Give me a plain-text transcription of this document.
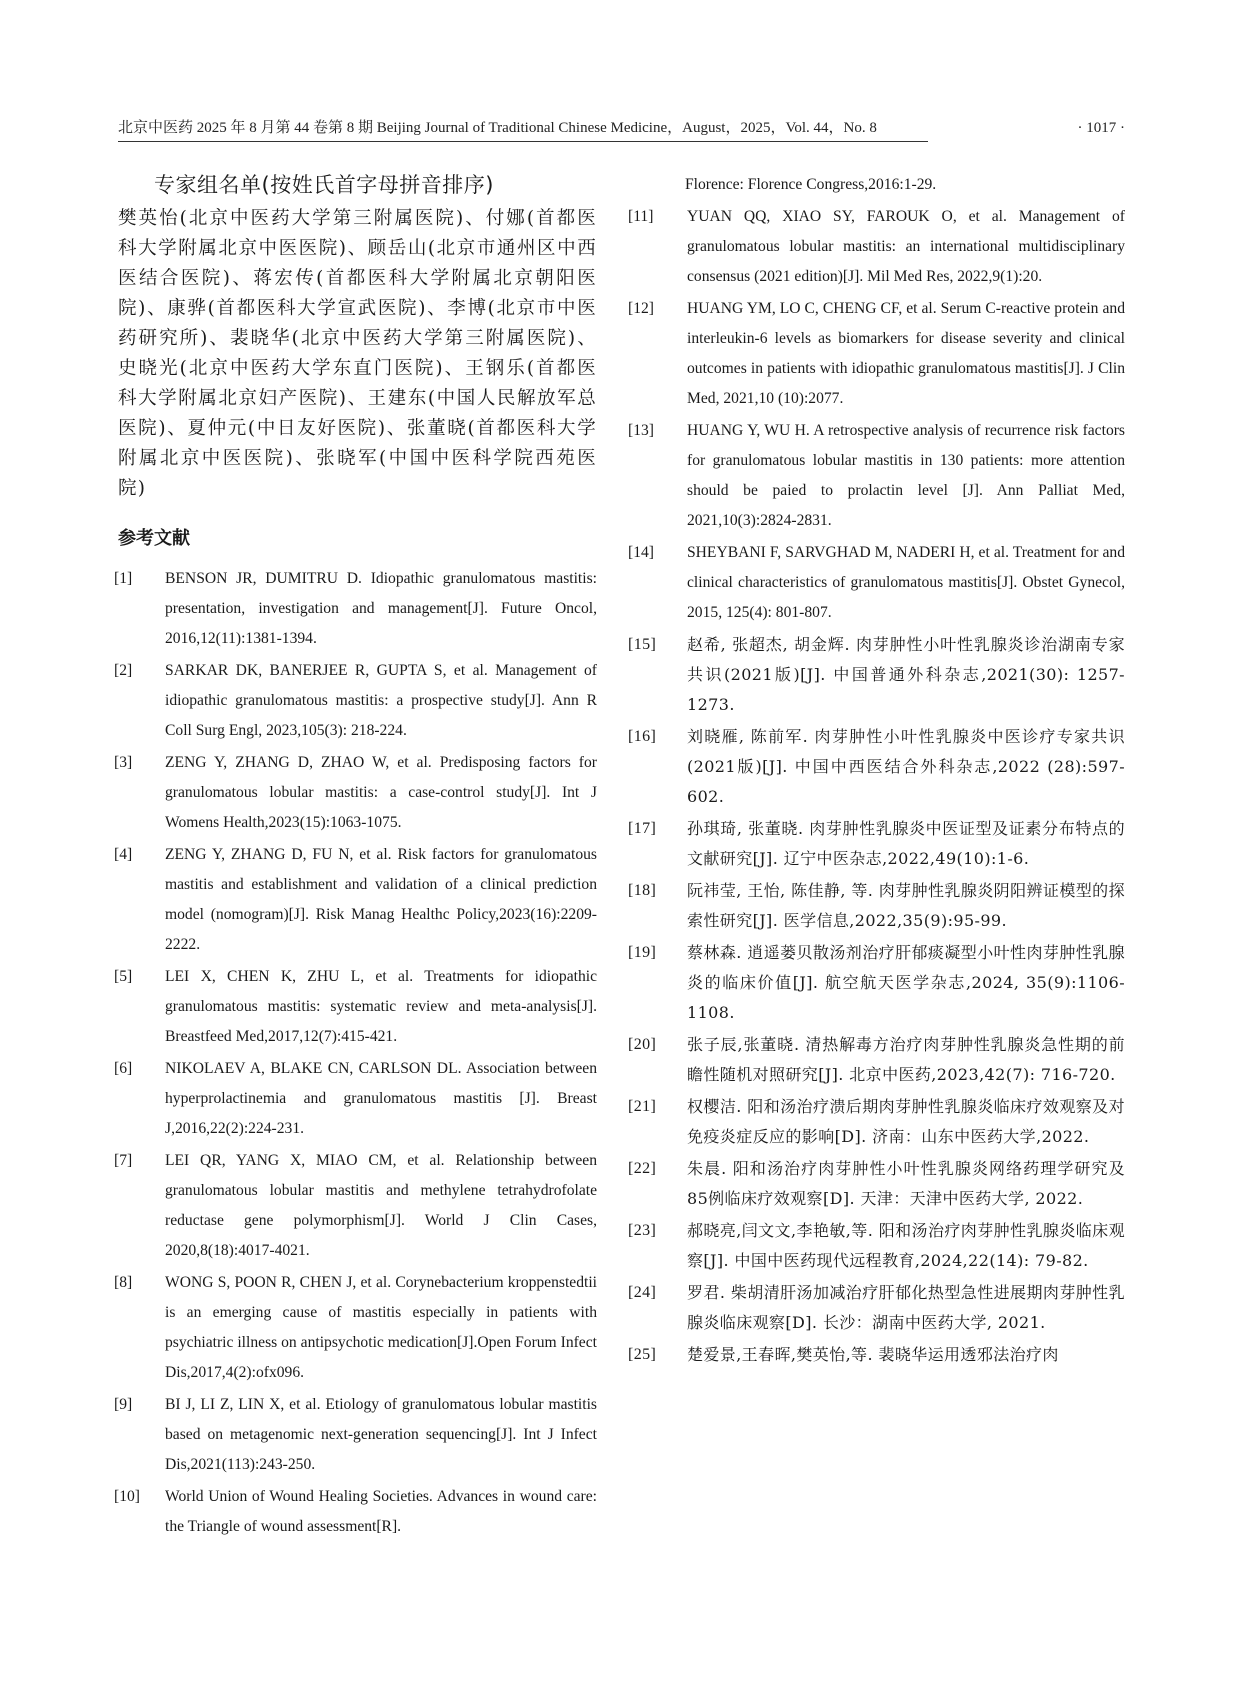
北京中医药 2025 年 8 月第 44 卷第 8 期 Beijing Journal of Traditional Chinese Medicine，August，2025，Vol. 44，No. 8	· 1017 ·
专家组名单(按姓氏首字母拼音排序)

樊英怡(北京中医药大学第三附属医院)、付娜(首都医科大学附属北京中医医院)、顾岳山(北京市通州区中西医结合医院)、蒋宏传(首都医科大学附属北京朝阳医院)、康骅(首都医科大学宣武医院)、李博(北京市中医药研究所)、裴晓华(北京中医药大学第三附属医院)、史晓光(北京中医药大学东直门医院)、王钢乐(首都医科大学附属北京妇产医院)、王建东(中国人民解放军总医院)、夏仲元(中日友好医院)、张董晓(首都医科大学附属北京中医医院)、张晓军(中国中医科学院西苑医院)

参考文献
[1] BENSON JR, DUMITRU D. Idiopathic granulomatous mastitis: presentation, investigation and management[J]. Future Oncol, 2016,12(11):1381-1394.
[2] SARKAR DK, BANERJEE R, GUPTA S, et al. Management of idiopathic granulomatous mastitis: a prospective study[J]. Ann R Coll Surg Engl, 2023,105(3): 218-224.
[3] ZENG Y, ZHANG D, ZHAO W, et al. Predisposing factors for granulomatous lobular mastitis: a case-control study[J]. Int J Womens Health,2023(15):1063-1075.
[4] ZENG Y, ZHANG D, FU N, et al. Risk factors for granulomatous mastitis and establishment and validation of a clinical prediction model (nomogram)[J]. Risk Manag Healthc Policy,2023(16):2209-2222.
[5] LEI X, CHEN K, ZHU L, et al. Treatments for idiopathic granulomatous mastitis: systematic review and meta-analysis[J]. Breastfeed Med,2017,12(7):415-421.
[6] NIKOLAEV A, BLAKE CN, CARLSON DL. Association between hyperprolactinemia and granulomatous mastitis [J]. Breast J,2016,22(2):224-231.
[7] LEI QR, YANG X, MIAO CM, et al. Relationship between granulomatous lobular mastitis and methylene tetrahydrofolate reductase gene polymorphism[J]. World J Clin Cases, 2020,8(18):4017-4021.
[8] WONG S, POON R, CHEN J, et al. Corynebacterium kroppenstedtii is an emerging cause of mastitis especially in patients with psychiatric illness on antipsychotic medication[J].Open Forum Infect Dis,2017,4(2):ofx096.
[9] BI J, LI Z, LIN X, et al. Etiology of granulomatous lobular mastitis based on metagenomic next-generation sequencing[J]. Int J Infect Dis,2021(113):243-250.
[10] World Union of Wound Healing Societies. Advances in wound care: the Triangle of wound assessment[R].

Florence: Florence Congress,2016:1-29.

[11] YUAN QQ, XIAO SY, FAROUK O, et al. Management of granulomatous lobular mastitis: an international multidisciplinary consensus (2021 edition)[J]. Mil Med Res, 2022,9(1):20.
[12] HUANG YM, LO C, CHENG CF, et al. Serum C-reactive protein and interleukin-6 levels as biomarkers for disease severity and clinical outcomes in patients with idiopathic granulomatous mastitis[J]. J Clin Med, 2021,10 (10):2077.
[13] HUANG Y, WU H. A retrospective analysis of recurrence risk factors for granulomatous lobular mastitis in 130 patients: more attention should be paied to prolactin level [J]. Ann Palliat Med, 2021,10(3):2824-2831.
[14] SHEYBANI F, SARVGHAD M, NADERI H, et al. Treatment for and clinical characteristics of granulomatous mastitis[J]. Obstet Gynecol, 2015, 125(4): 801-807.
[15] 赵希, 张超杰, 胡金辉. 肉芽肿性小叶性乳腺炎诊治湖南专家共识(2021版)[J]. 中国普通外科杂志,2021(30): 1257-1273.
[16] 刘晓雁, 陈前军. 肉芽肿性小叶性乳腺炎中医诊疗专家共识(2021版)[J]. 中国中西医结合外科杂志,2022 (28):597-602.
[17] 孙琪琦, 张董晓. 肉芽肿性乳腺炎中医证型及证素分布特点的文献研究[J]. 辽宁中医杂志,2022,49(10):1-6.
[18] 阮祎莹, 王怡, 陈佳静, 等. 肉芽肿性乳腺炎阴阳辨证模型的探索性研究[J]. 医学信息,2022,35(9):95-99.
[19] 蔡林森. 逍遥蒌贝散汤剂治疗肝郁痰凝型小叶性肉芽肿性乳腺炎的临床价值[J]. 航空航天医学杂志,2024, 35(9):1106-1108.
[20] 张子辰,张董晓. 清热解毒方治疗肉芽肿性乳腺炎急性期的前瞻性随机对照研究[J]. 北京中医药,2023,42(7): 716-720.
[21] 权樱洁. 阳和汤治疗溃后期肉芽肿性乳腺炎临床疗效观察及对免疫炎症反应的影响[D]. 济南：山东中医药大学,2022.
[22] 朱晨. 阳和汤治疗肉芽肿性小叶性乳腺炎网络药理学研究及85例临床疗效观察[D]. 天津：天津中医药大学, 2022.
[23] 郝晓亮,闫文文,李艳敏,等. 阳和汤治疗肉芽肿性乳腺炎临床观察[J]. 中国中医药现代远程教育,2024,22(14): 79-82.
[24] 罗君. 柴胡清肝汤加减治疗肝郁化热型急性进展期肉芽肿性乳腺炎临床观察[D]. 长沙：湖南中医药大学, 2021.
[25] 楚爱景,王春晖,樊英怡,等. 裴晓华运用透邪法治疗肉
